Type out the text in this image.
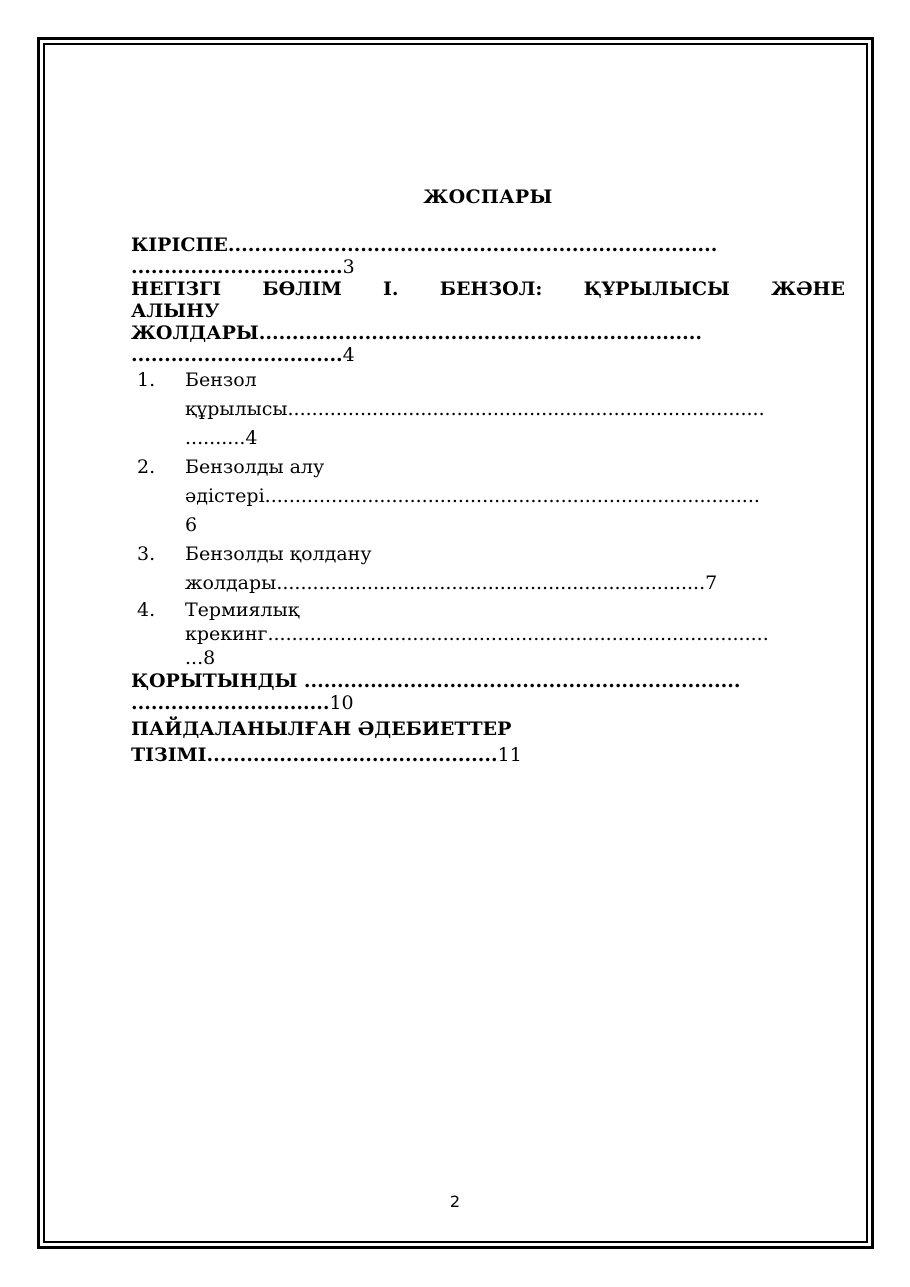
ЖОСПАРЫ
КІРІСПЕ..........................................................................
................................3
НЕГІЗГІ БӨЛІМ І. БЕНЗОЛ: ҚҰРЫЛЫСЫ ЖӘНЕ
АЛЫНУ
ЖОЛДАРЫ...................................................................
................................4
1. Бензол
құрылысы...............................................................................
..........4
2. Бензолды алу
әдістері..................................................................................
6
3. Бензолды қолдану
жолдары.......................................................................7
4. Термиялық
крекинг...................................................................................
...8
ҚОРЫТЫНДЫ ..................................................................
..............................10
ПАЙДАЛАНЫЛҒАН ӘДЕБИЕТТЕР
ТІЗІМІ............................................11
2
